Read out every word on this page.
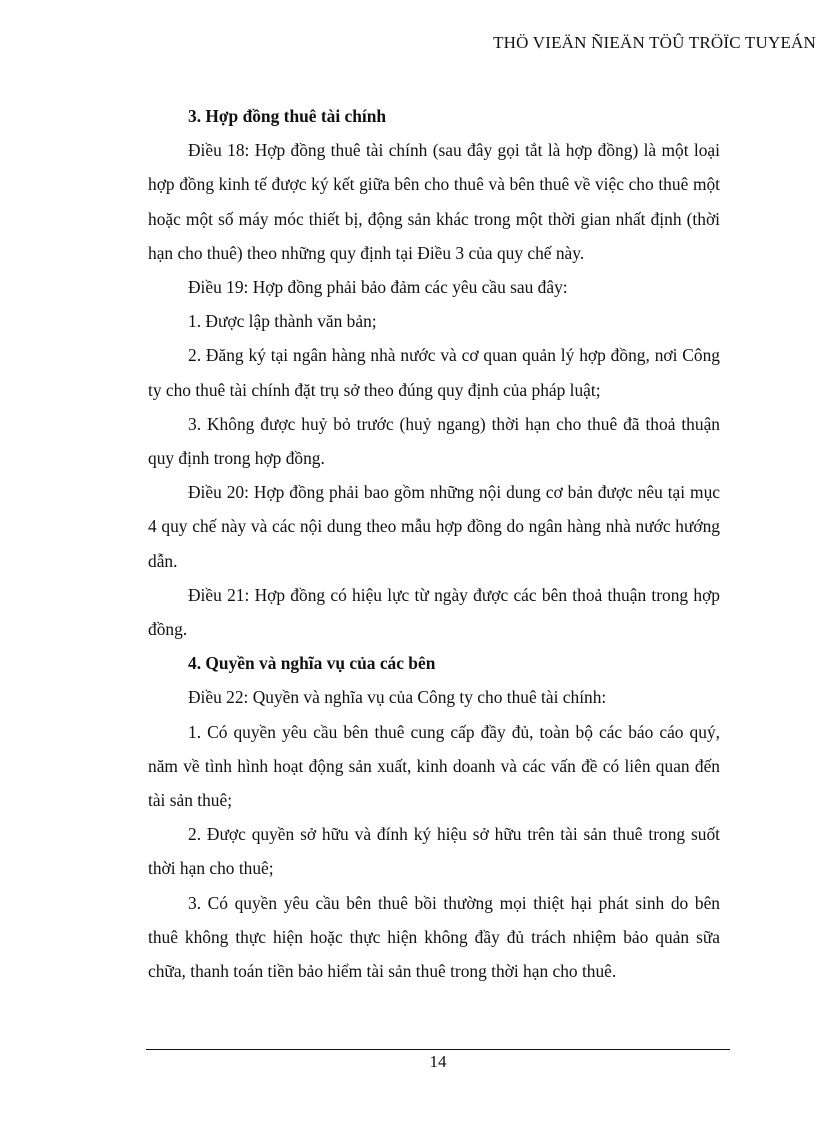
THÖ VIEÄN ÑIEÄN TÖÛ TRÖÏC TUYEÁN

3. Hợp đồng thuê tài chính

Điều 18: Hợp đồng thuê tài chính (sau đây gọi tắt là hợp đồng) là một loại hợp đồng kinh tế được ký kết giữa bên cho thuê và bên thuê về việc cho thuê một hoặc một số máy móc thiết bị, động sản khác trong một thời gian nhất định (thời hạn cho thuê) theo những quy định tại Điều 3 của quy chế này.

Điều 19: Hợp đồng phải bảo đảm các yêu cầu sau đây:

1. Được lập thành văn bản;

2. Đăng ký tại ngân hàng nhà nước và cơ quan quản lý hợp đồng, nơi Công ty cho thuê tài chính đặt trụ sở theo đúng quy định của pháp luật;

3. Không được huỷ bỏ trước (huỷ ngang) thời hạn cho thuê đã thoả thuận quy định trong hợp đồng.

Điều 20: Hợp đồng phải bao gồm những nội dung cơ bản được nêu tại mục 4 quy chế này và các nội dung theo mẫu hợp đồng do ngân hàng nhà nước hướng dẫn.

Điều 21: Hợp đồng có hiệu lực từ ngày được các bên thoả thuận trong hợp đồng.

4. Quyền và nghĩa vụ của các bên

Điều 22: Quyền và nghĩa vụ của Công ty cho thuê tài chính:

1. Có quyền yêu cầu bên thuê cung cấp đầy đủ, toàn bộ các báo cáo quý, năm về tình hình hoạt động sản xuất, kinh doanh và các vấn đề có liên quan đến tài sản thuê;

2. Được quyền sở hữu và đính ký hiệu sở hữu trên tài sản thuê trong suốt thời hạn cho thuê;

3. Có quyền yêu cầu bên thuê bồi thường mọi thiệt hại phát sinh do bên thuê không thực hiện hoặc thực hiện không đầy đủ trách nhiệm bảo quản sữa chữa, thanh toán tiền bảo hiểm tài sản thuê trong thời hạn cho thuê.

14
